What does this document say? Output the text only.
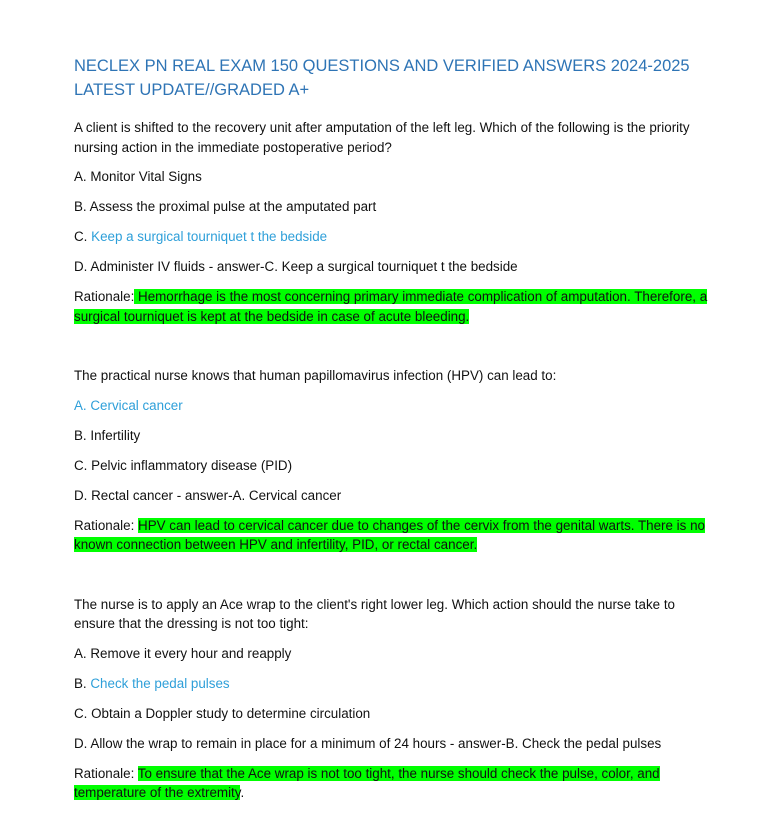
NECLEX PN REAL EXAM 150 QUESTIONS AND VERIFIED ANSWERS 2024-2025 LATEST UPDATE//GRADED A+

A client is shifted to the recovery unit after amputation of the left leg. Which of the following is the priority nursing action in the immediate postoperative period?

A. Monitor Vital Signs

B. Assess the proximal pulse at the amputated part

C. Keep a surgical tourniquet t the bedside

D. Administer IV fluids - answer-C. Keep a surgical tourniquet t the bedside

Rationale: Hemorrhage is the most concerning primary immediate complication of amputation. Therefore, a surgical tourniquet is kept at the bedside in case of acute bleeding.

The practical nurse knows that human papillomavirus infection (HPV) can lead to:

A. Cervical cancer

B. Infertility

C. Pelvic inflammatory disease (PID)

D. Rectal cancer - answer-A. Cervical cancer

Rationale: HPV can lead to cervical cancer due to changes of the cervix from the genital warts. There is no known connection between HPV and infertility, PID, or rectal cancer.

The nurse is to apply an Ace wrap to the client's right lower leg. Which action should the nurse take to ensure that the dressing is not too tight:

A. Remove it every hour and reapply

B. Check the pedal pulses

C. Obtain a Doppler study to determine circulation

D. Allow the wrap to remain in place for a minimum of 24 hours - answer-B. Check the pedal pulses

Rationale: To ensure that the Ace wrap is not too tight, the nurse should check the pulse, color, and temperature of the extremity.
